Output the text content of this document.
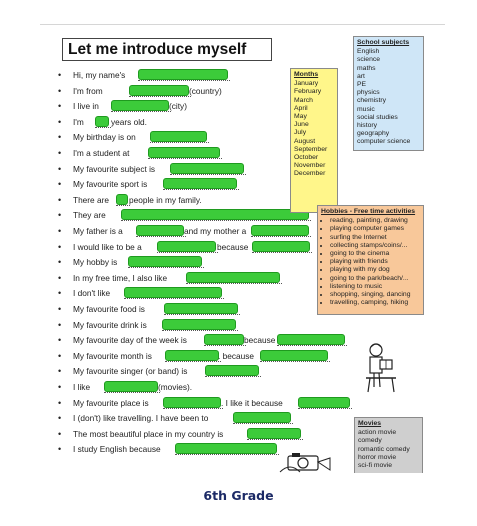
Let me introduce myself
• Hi, my name's
• I'm from	(country)
• I live in	(city)
• I'm	years old.
• My birthday is on
• I'm a student at
• My favourite subject is
• My favourite sport is
• There are people in my family.
• They are
• My father is a	and my mother a
• I would like to be a	because
• My hobby is
• In my free time, I also like
• I don't like
• My favourite food is
• My favourite drink is
• My favourite day of the week is	because
• My favourite month is	. because
• My favourite singer (or band) is
• I like	(movies).
• My favourite place is	. I like it because
• I (don't) like travelling. I have been to
• The most beautiful place in my country is
• I study English because
Months
January
February
March
April
May
June
July
August
September
October
November
December
School subjects
English
science
maths
art
PE
physics
chemistry
music
social studies
history
geography
computer science
Hobbies - Free time activities
• reading, painting, drawing
• playing computer games
• surfing the Internet
• collecting stamps/coins/...
• going to the cinema
• playing with friends
• playing with my dog
• going to the park/beach/...
• listening to music
• shopping, singing, dancing
• travelling, camping, hiking
Movies
action movie
comedy
romantic comedy
horror movie
sci-fi movie
6th Grade
